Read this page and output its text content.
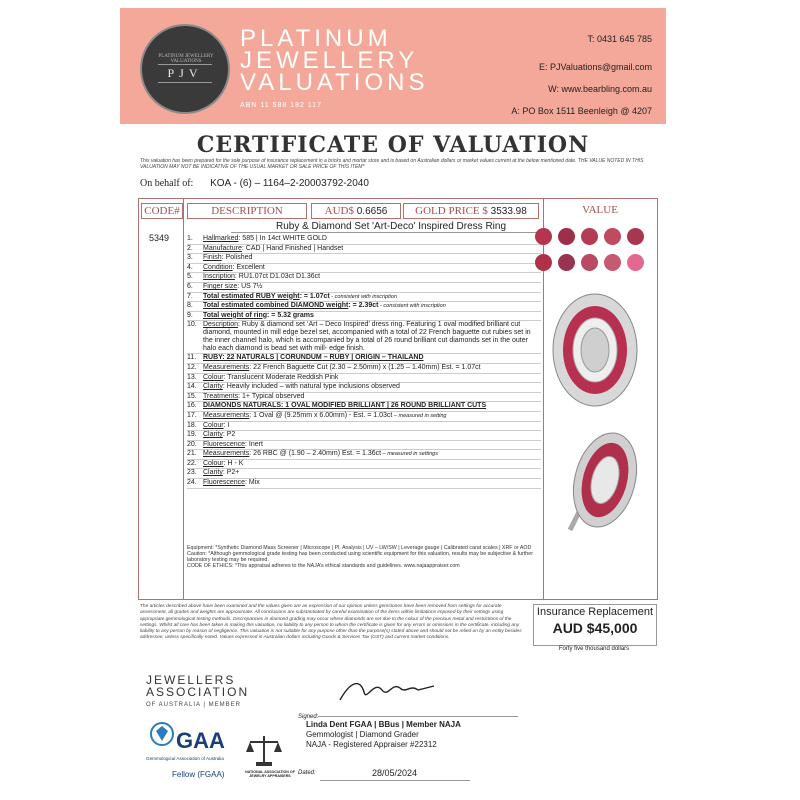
PLATINUM JEWELLERY VALUATIONS
PJV
PLATINUM
JEWELLERY
VALUATIONS
ABN 11 588 182 117
T: 0431 645 785
E: PJValuations@gmail.com
W: www.bearbling.com.au
A: PO Box 1511 Beenleigh @ 4207
CERTIFICATE OF VALUATION
This valuation has been prepared for the sole purpose of insurance replacement in a bricks and mortar store and is based on Australian dollars or market values current at the below mentioned date. THE VALUE NOTED IN THIS VALUATION MAY NOT BE INDICATIVE OF THE USUAL MARKET OR SALE PRICE OF THIS ITEM*
On behalf of: KOA - (6) – 1164–2-20003792-2040
CODE#	DESCRIPTION	AUD$ 0.6656	GOLD PRICE $ 3533.98	VALUE
5349
Ruby & Diamond Set 'Art-Deco' Inspired Dress Ring
1.	Hallmarked: 585 | In 14ct WHITE GOLD
2.	Manufacture: CAD | Hand Finished | Handset
3.	Finish: Polished
4.	Condition: Excellent
5.	Inscription: RU1.07ct D1.03ct D1.36ct
6.	Finger size: US 7½
7.	Total estimated RUBY weight: = 1.07ct - consistent with inscription
8.	Total estimated combined DIAMOND weight: = 2.39ct - consistent with inscription
9.	Total weight of ring: = 5.32 grams
10. Description: Ruby & diamond set ‘Art – Deco Inspired’ dress ring. Featuring 1 oval modified brilliant cut diamond, mounted in mill edge bezel set, accompanied with a total of 22 French baguette cut rubies set in the inner channel halo, which is accompanied by a total of 26 round brilliant cut diamonds set in the outer halo each diamond is bead set with mill- edge finish.
11. RUBY: 22 NATURALS | CORUNDUM – RUBY | ORIGIN – THAILAND
12. Measurements: 22 French Baguette Cut (2.30 – 2.50mm) x (1.25 – 1.40mm) Est. = 1.07ct
13. Colour: Translucent Moderate Reddish Pink
14. Clarity: Heavily included – with natural type inclusions observed
15. Treatments: 1+ Typical observed
16. DIAMONDS NATURALS: 1 OVAL MODIFIED BRILLIANT | 26 ROUND BRILLIANT CUTS
17. Measurements: 1 Oval @ (9.25mm x 6.00mm) - Est. = 1.03ct – measured in setting
18. Colour: I
19. Clarity: P2
20. Fluorescence: Inert
21. Measurements: 26 RBC @ (1.90 – 2.40mm) Est. = 1.36ct – measured in settings
22. Colour: H - K
23. Clarity: P2+
24. Fluorescence: Mix
Equipment: *Synthetic Diamond Mass Screener | Microscope | Pl. Analysis | UV – LW/SW | Leverage gauge | Calibrated carat scales | XRF or AOD
Caution: *Although gemmological grade testing has been conducted using scientific equipment for this valuation, results may be subjective & further laboratory testing may be required.
CODE OF ETHICS: *This appraisal adheres to the NAJA’s ethical standards and guidelines. www.najaappraiser.com

The articles described above have been examined and the values given are an expression of our opinion unless gemstones have been removed from settings for accurate assessment, all grades and weights are approximate. All conclusions are substantiated by careful examination of the items within limitations imposed by their settings using appropriate gemmological testing methods. Discrepancies in diamond grading may occur where diamonds are set due to the colour of the precious metal and restrictions of the settings. Whilst all care has been taken in making this valuation, no liability to any person to whom the certificate is given for any errors or omissions in the certificate, including any liability to any person by reason of negligence. This valuation is not suitable for any purpose other than the purpose(s) stated above and should not be relied on by an entity besides addressee, unless specifically noted. Values expressed in Australian dollars including Goods & Services Tax (GST) and current market conditions.
Insurance Replacement
AUD $45,000
Forty five thousand dollars
JEWELLERS
ASSOCIATION
OF AUSTRALIA | MEMBER
GAA
Gemmological Association of Australia
Fellow (FGAA)	NATIONAL ASSOCIATION OF JEWELRY APPRAISERS
Signed:
Linda Dent FGAA | BBus | Member NAJA
Gemmologist | Diamond Grader
NAJA - Registered Appraiser #22312
Dated:	28/05/2024
